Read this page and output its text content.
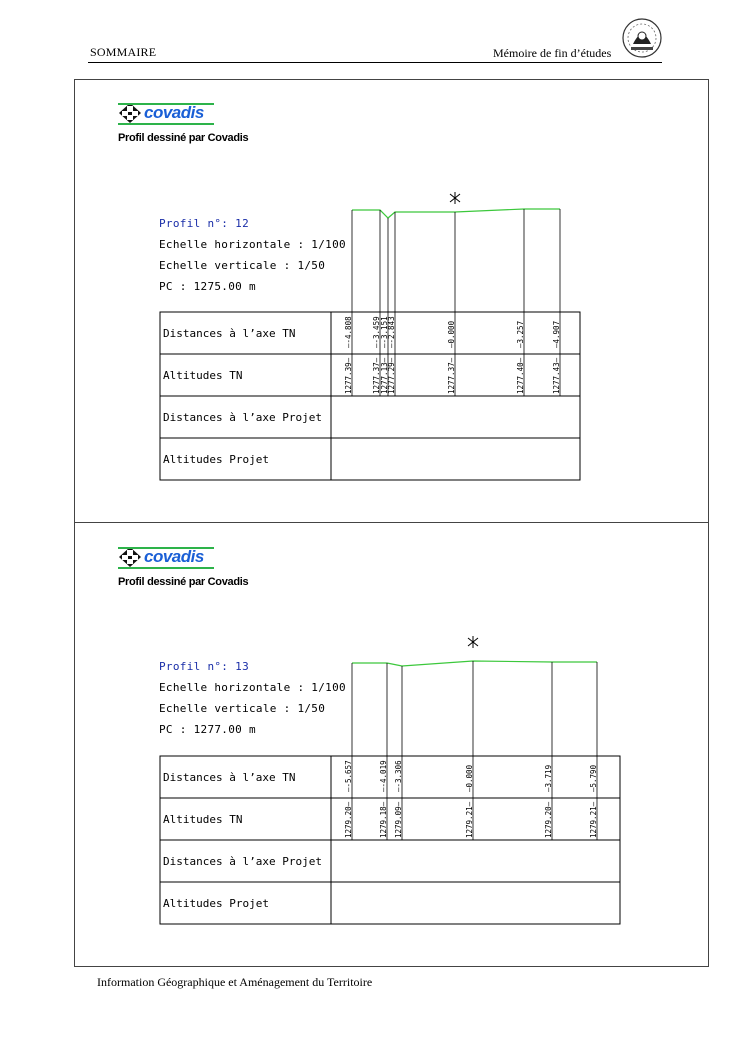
SOMMAIRE	Mémoire de fin d’études
covadis
Profil dessiné par Covadis
Profil n°: 12
Echelle horizontale : 1/100
Echelle verticale : 1/50
PC : 1275.00 m
Distances à l’axe TN
Altitudes TN
Distances à l’axe Projet
Altitudes Projet
—-4.808
1277.39—
—-3.459
1277.37—
—-3.151
1277.13—
—-2.843
1277.29—
—0.000
1277.37—
—3.257
1277.40—
—4.907
1277.43—
covadis
Profil dessiné par Covadis
Profil n°: 13
Echelle horizontale : 1/100
Echelle verticale : 1/50
PC : 1277.00 m
Distances à l’axe TN
Altitudes TN
Distances à l’axe Projet
Altitudes Projet
—-5.657
1279.20—
—-4.019
1279.18—
—-3.306
1279.09—
—0.000
1279.21—
—3.719
1279.20—
—5.790
1279.21—
Information Géographique et Aménagement du Territoire
